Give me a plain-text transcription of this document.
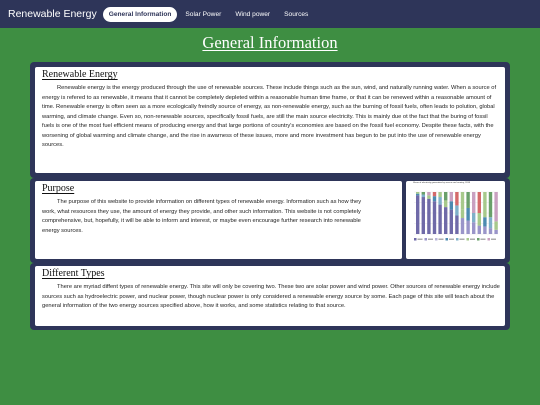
Renewable Energy	General Information	Solar Power	Wind power	Sources
General Information
Renewable Energy
Renewable energy is the energy produced through the use of renewable sources. These include things such as the sun, wind, and naturally running water. When a source of energy is refered to as renewable, it means that it cannot be completely depleted within a reasonable human time frame, or that it can be renewed within a reasonable amount of time. Renewable energy is often seen as a more ecologically freindly source of energy, as non-renewable energy, such as the burning of fossil fuels, often leads to polution, global warming, and climate change. Even so, non-renewable sources, specifically fossil fuels, are still the main source electricity. This is mainly due ot the fact that the buring of fossil fuels is one of the most fuel efficient means of producing energy and that large portions of country's economies are based on the fossil fuel economy. Despite these facts, with the worsening of global warming and climate change, and the rise in awarness of these issues, more and more investment has begun to be put into the use of renewable energy sources.
Purpose
The purpose of this website to provide information on different types of renewable energy. Information such as how they work, what resources they use, the amount of energy they provide, and other such information. This website is not completely comprehensive, but, hopefully, it will be able to inform and interest, or maybe even encourage further research into renewable energy sources.
Share of electricity generation by source and country, 2018
Different Types
There are myriad diffent types of renewable energy. This site will only be covering two. These two are solar power and wind power. Other sources of renewable energy include sources such as hydroelectric power, and nuclear power, though nuclear power is only considered a renewable energy source by some. Each page of this site will teach about the general information of the two energy sources specified above, how it works, and some statistics relating to that source.
